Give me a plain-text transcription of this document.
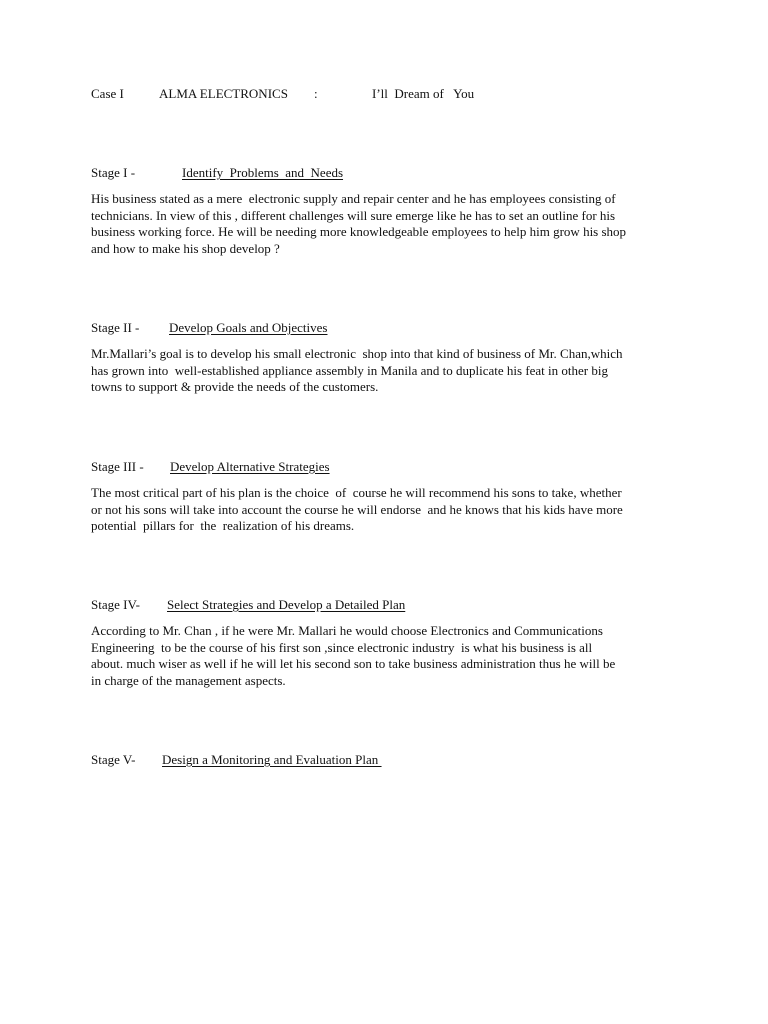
Case I	ALMA ELECTRONICS :	I’ll  Dream of   You
Stage I -	Identify  Problems  and  Needs
His business stated as a mere  electronic supply and repair center and he has employees consisting of
technicians. In view of this , different challenges will sure emerge like he has to set an outline for his
business working force. He will be needing more knowledgeable employees to help him grow his shop
and how to make his shop develop ?
Stage II - Develop Goals and Objectives
Mr.Mallari’s goal is to develop his small electronic  shop into that kind of business of Mr. Chan,which
has grown into  well-established appliance assembly in Manila and to duplicate his feat in other big
towns to support & provide the needs of the customers.
Stage III - Develop Alternative Strategies
The most critical part of his plan is the choice  of  course he will recommend his sons to take, whether
or not his sons will take into account the course he will endorse  and he knows that his kids have more
potential  pillars for  the  realization of his dreams.
Stage IV- Select Strategies and Develop a Detailed Plan
According to Mr. Chan , if he were Mr. Mallari he would choose Electronics and Communications
Engineering  to be the course of his first son ,since electronic industry  is what his business is all
about. much wiser as well if he will let his second son to take business administration thus he will be
in charge of the management aspects.
Stage V- Design a Monitoring and Evaluation Plan
